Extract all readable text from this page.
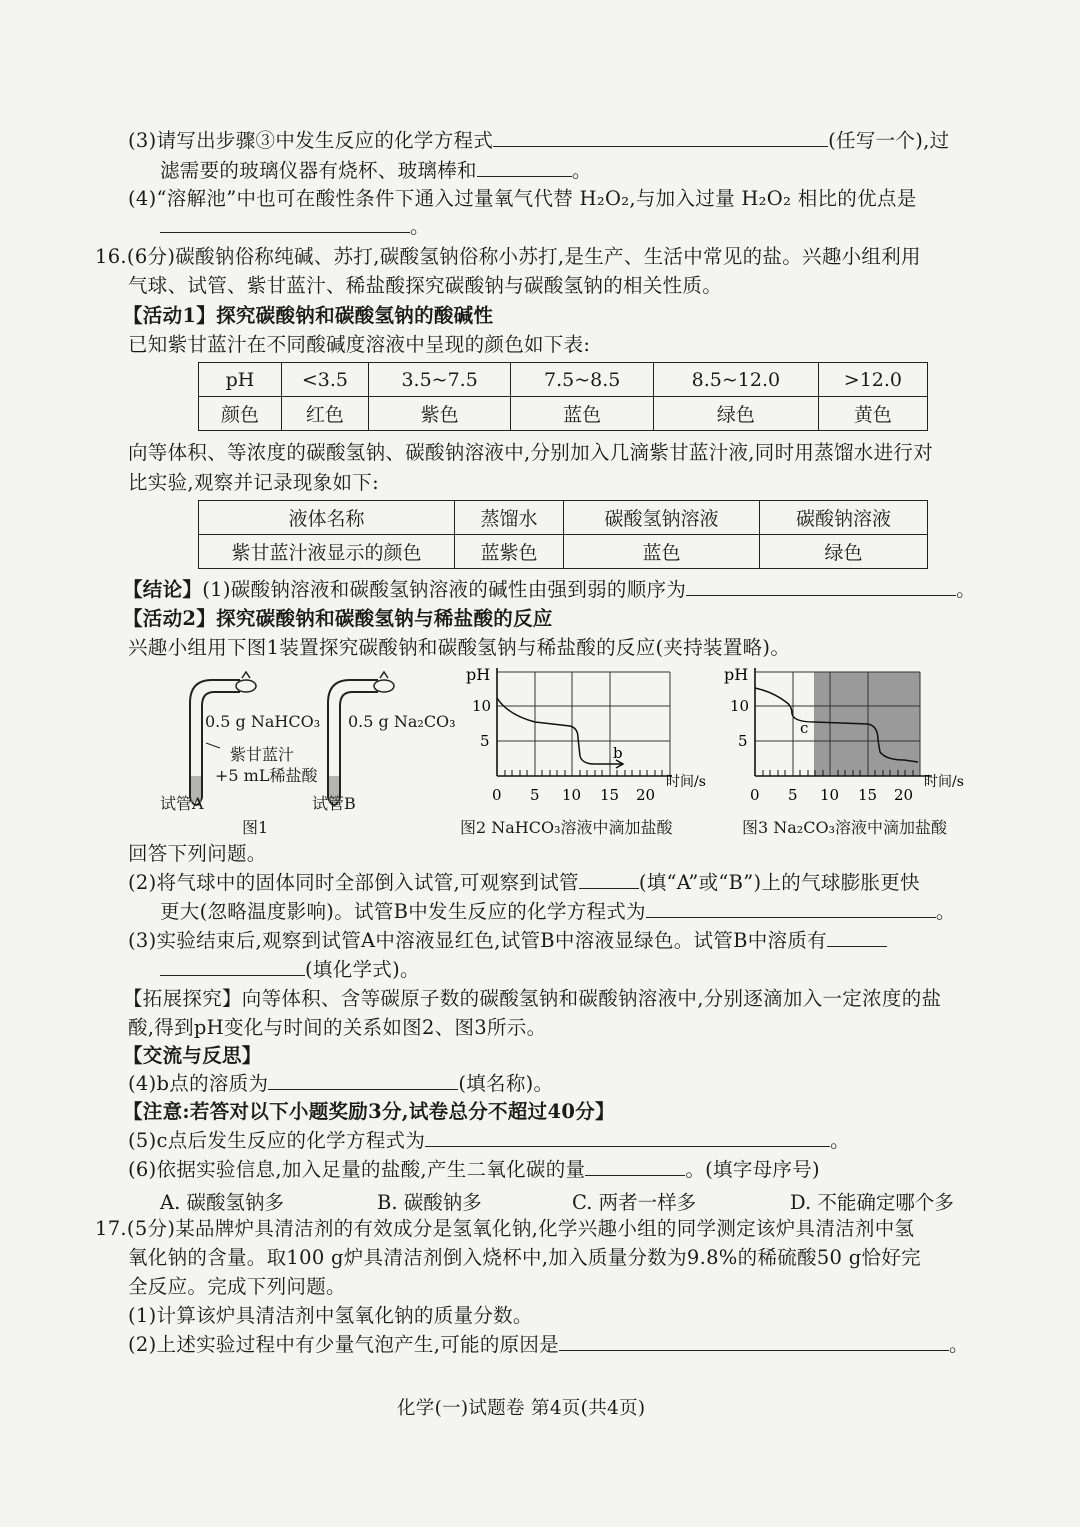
(3)请写出步骤③中发生反应的化学方程式	(任写一个),过
滤需要的玻璃仪器有烧杯、玻璃棒和	。
(4)“溶解池”中也可在酸性条件下通入过量氧气代替 H₂O₂,与加入过量 H₂O₂ 相比的优点是
。
16.(6分)碳酸钠俗称纯碱、苏打,碳酸氢钠俗称小苏打,是生产、生活中常见的盐。兴趣小组利用
气球、试管、紫甘蓝汁、稀盐酸探究碳酸钠与碳酸氢钠的相关性质。
【活动1】探究碳酸钠和碳酸氢钠的酸碱性
已知紫甘蓝汁在不同酸碱度溶液中呈现的颜色如下表:
pH	<3.5	3.5~7.5	7.5~8.5	8.5~12.0	>12.0
颜色	红色	紫色	蓝色	绿色	黄色
向等体积、等浓度的碳酸氢钠、碳酸钠溶液中,分别加入几滴紫甘蓝汁液,同时用蒸馏水进行对
比实验,观察并记录现象如下:
液体名称	蒸馏水	碳酸氢钠溶液	碳酸钠溶液
紫甘蓝汁液显示的颜色	蓝紫色	蓝色	绿色
【结论】(1)碳酸钠溶液和碳酸氢钠溶液的碱性由强到弱的顺序为	。
【活动2】探究碳酸钠和碳酸氢钠与稀盐酸的反应
兴趣小组用下图1装置探究碳酸钠和碳酸氢钠与稀盐酸的反应(夹持装置略)。
0.5 g NaHCO₃ 0.5 g Na₂CO₃
紫甘蓝汁
+5 mL稀盐酸
试管A	试管B
图1
pH
10
5
b
0 5 10 15 20
时间/s
图2 NaHCO₃溶液中滴加盐酸
pH
10
5
c
0 5 10 15 20
时间/s
图3 Na₂CO₃溶液中滴加盐酸
回答下列问题。
(2)将气球中的固体同时全部倒入试管,可观察到试管	(填“A”或“B”)上的气球膨胀更快
更大(忽略温度影响)。试管B中发生反应的化学方程式为	。
(3)实验结束后,观察到试管A中溶液显红色,试管B中溶液显绿色。试管B中溶质有
(填化学式)。
【拓展探究】向等体积、含等碳原子数的碳酸氢钠和碳酸钠溶液中,分别逐滴加入一定浓度的盐
酸,得到pH变化与时间的关系如图2、图3所示。
【交流与反思】
(4)b点的溶质为	(填名称)。
【注意:若答对以下小题奖励3分,试卷总分不超过40分】
(5)c点后发生反应的化学方程式为	。
(6)依据实验信息,加入足量的盐酸,产生二氧化碳的量	。(填字母序号)
A. 碳酸氢钠多	B. 碳酸钠多	C. 两者一样多	D. 不能确定哪个多
17.(5分)某品牌炉具清洁剂的有效成分是氢氧化钠,化学兴趣小组的同学测定该炉具清洁剂中氢
氧化钠的含量。取100 g炉具清洁剂倒入烧杯中,加入质量分数为9.8%的稀硫酸50 g恰好完
全反应。完成下列问题。
(1)计算该炉具清洁剂中氢氧化钠的质量分数。
(2)上述实验过程中有少量气泡产生,可能的原因是	。
化学(一)试题卷 第4页(共4页)
